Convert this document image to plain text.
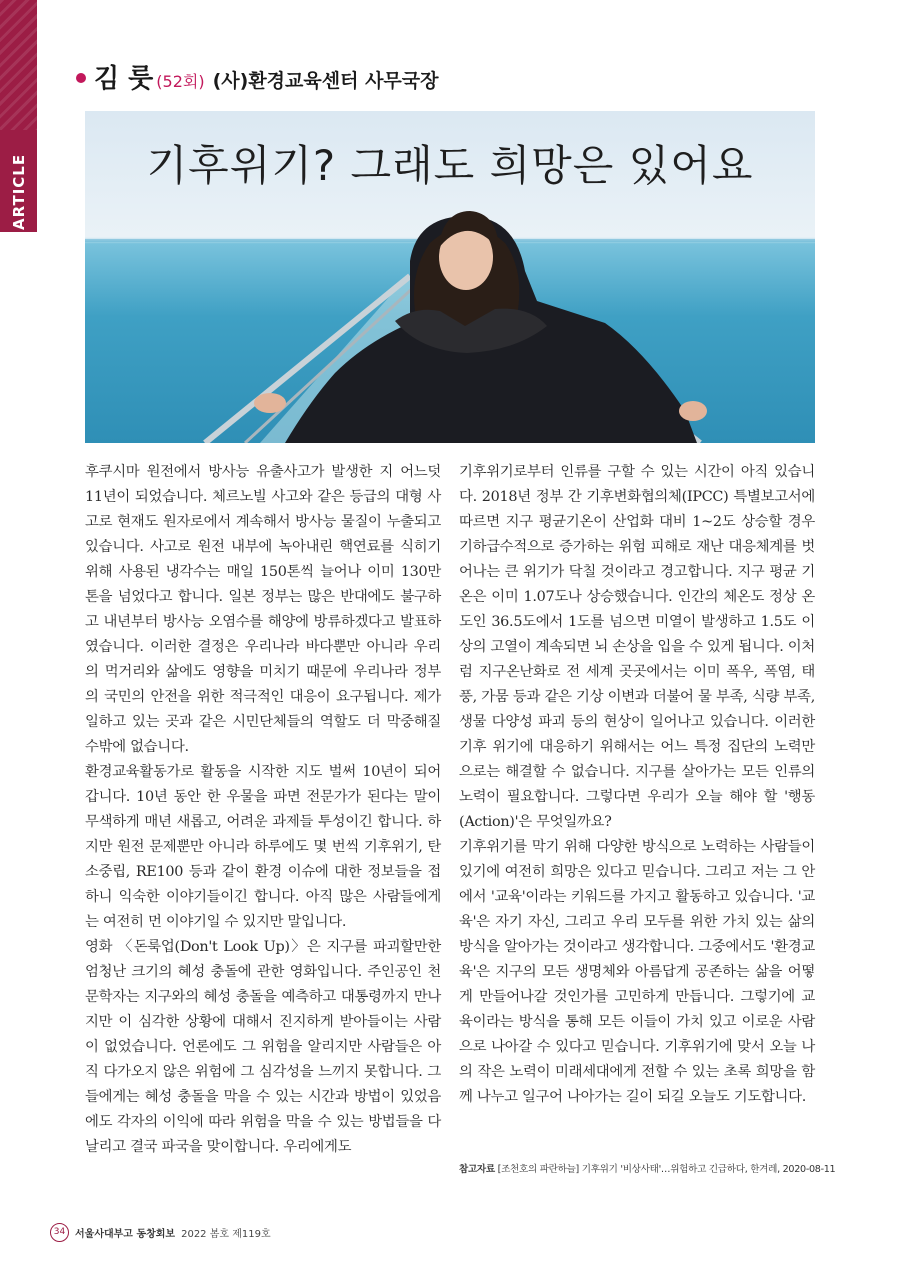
ARTICLE
김 룻 (52회) (사)환경교육센터 사무국장
기후위기? 그래도 희망은 있어요

후쿠시마 원전에서 방사능 유출사고가 발생한 지 어느덧 11년이 되었습니다. 체르노빌 사고와 같은 등급의 대형 사고로 현재도 원자로에서 계속해서 방사능 물질이 누출되고 있습니다. 사고로 원전 내부에 녹아내린 핵연료를 식히기 위해 사용된 냉각수는 매일 150톤씩 늘어나 이미 130만 톤을 넘었다고 합니다. 일본 정부는 많은 반대에도 불구하고 내년부터 방사능 오염수를 해양에 방류하겠다고 발표하였습니다. 이러한 결정은 우리나라 바다뿐만 아니라 우리의 먹거리와 삶에도 영향을 미치기 때문에 우리나라 정부의 국민의 안전을 위한 적극적인 대응이 요구됩니다. 제가 일하고 있는 곳과 같은 시민단체들의 역할도 더 막중해질 수밖에 없습니다.

환경교육활동가로 활동을 시작한 지도 벌써 10년이 되어 갑니다. 10년 동안 한 우물을 파면 전문가가 된다는 말이 무색하게 매년 새롭고, 어려운 과제들 투성이긴 합니다. 하지만 원전 문제뿐만 아니라 하루에도 몇 번씩 기후위기, 탄소중립, RE100 등과 같이 환경 이슈에 대한 정보들을 접하니 익숙한 이야기들이긴 합니다. 아직 많은 사람들에게는 여전히 먼 이야기일 수 있지만 말입니다.

영화 〈돈룩업(Don't Look Up)〉은 지구를 파괴할만한 엄청난 크기의 혜성 충돌에 관한 영화입니다. 주인공인 천문학자는 지구와의 혜성 충돌을 예측하고 대통령까지 만나지만 이 심각한 상황에 대해서 진지하게 받아들이는 사람이 없었습니다. 언론에도 그 위험을 알리지만 사람들은 아직 다가오지 않은 위험에 그 심각성을 느끼지 못합니다. 그들에게는 혜성 충돌을 막을 수 있는 시간과 방법이 있었음에도 각자의 이익에 따라 위험을 막을 수 있는 방법들을 다 날리고 결국 파국을 맞이합니다. 우리에게도

기후위기로부터 인류를 구할 수 있는 시간이 아직 있습니다. 2018년 정부 간 기후변화협의체(IPCC) 특별보고서에 따르면 지구 평균기온이 산업화 대비 1~2도 상승할 경우 기하급수적으로 증가하는 위험 피해로 재난 대응체계를 벗어나는 큰 위기가 닥칠 것이라고 경고합니다. 지구 평균 기온은 이미 1.07도나 상승했습니다. 인간의 체온도 정상 온도인 36.5도에서 1도를 넘으면 미열이 발생하고 1.5도 이상의 고열이 계속되면 뇌 손상을 입을 수 있게 됩니다. 이처럼 지구온난화로 전 세계 곳곳에서는 이미 폭우, 폭염, 태풍, 가뭄 등과 같은 기상 이변과 더불어 물 부족, 식량 부족, 생물 다양성 파괴 등의 현상이 일어나고 있습니다. 이러한 기후 위기에 대응하기 위해서는 어느 특정 집단의 노력만으로는 해결할 수 없습니다. 지구를 살아가는 모든 인류의 노력이 필요합니다. 그렇다면 우리가 오늘 해야 할 '행동(Action)'은 무엇일까요?

기후위기를 막기 위해 다양한 방식으로 노력하는 사람들이 있기에 여전히 희망은 있다고 믿습니다. 그리고 저는 그 안에서 '교육'이라는 키워드를 가지고 활동하고 있습니다. '교육'은 자기 자신, 그리고 우리 모두를 위한 가치 있는 삶의 방식을 알아가는 것이라고 생각합니다. 그중에서도 '환경교육'은 지구의 모든 생명체와 아름답게 공존하는 삶을 어떻게 만들어나갈 것인가를 고민하게 만듭니다. 그렇기에 교육이라는 방식을 통해 모든 이들이 가치 있고 이로운 사람으로 나아갈 수 있다고 믿습니다. 기후위기에 맞서 오늘 나의 작은 노력이 미래세대에게 전할 수 있는 초록 희망을 함께 나누고 일구어 나아가는 길이 되길 오늘도 기도합니다.

참고자료 [조천호의 파란하늘] 기후위기 '비상사태'…위험하고 긴급하다, 한겨레, 2020-08-11
34 서울사대부고 동창회보 2022 봄호 제119호
